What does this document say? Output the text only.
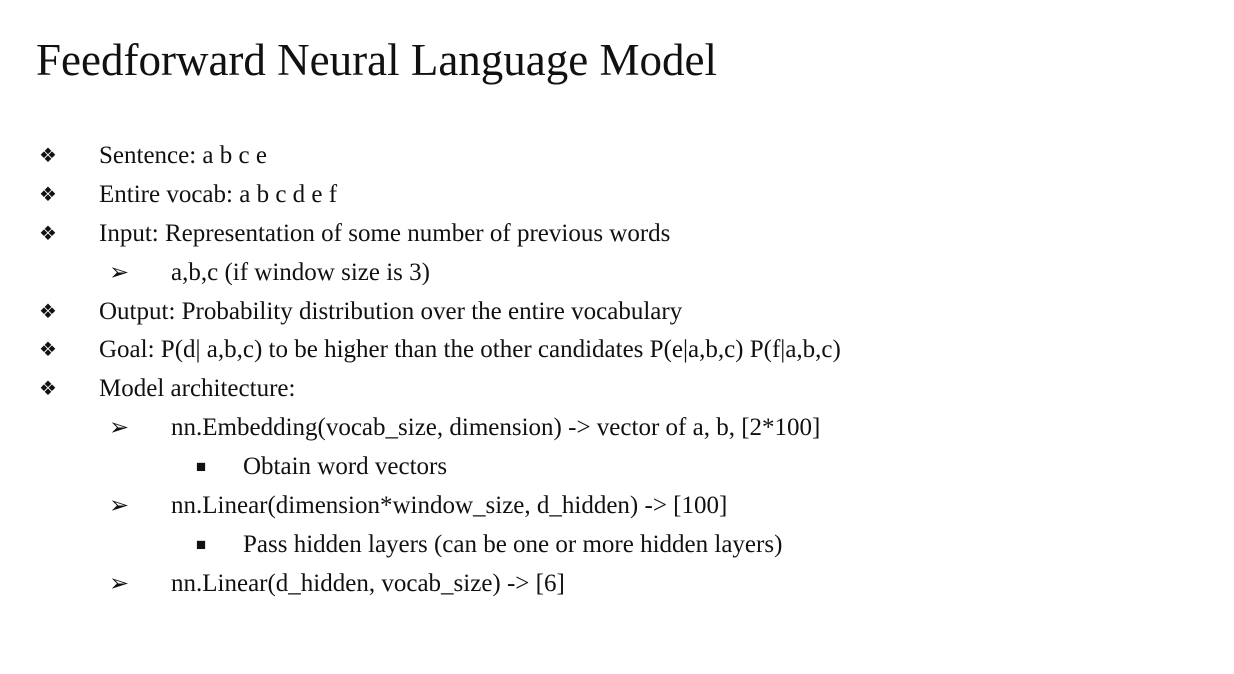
Feedforward Neural Language Model
❖ Sentence: a b c e
❖ Entire vocab: a b c d e f
❖ Input: Representation of some number of previous words
➢ a,b,c (if window size is 3)
❖ Output: Probability distribution over the entire vocabulary
❖ Goal: P(d| a,b,c) to be higher than the other candidates P(e|a,b,c) P(f|a,b,c)
❖ Model architecture:
➢ nn.Embedding(vocab_size, dimension) -> vector of a, b, [2*100]
■	Obtain word vectors
➢ nn.Linear(dimension*window_size, d_hidden) -> [100]
■	Pass hidden layers (can be one or more hidden layers)
➢ nn.Linear(d_hidden, vocab_size) -> [6]
